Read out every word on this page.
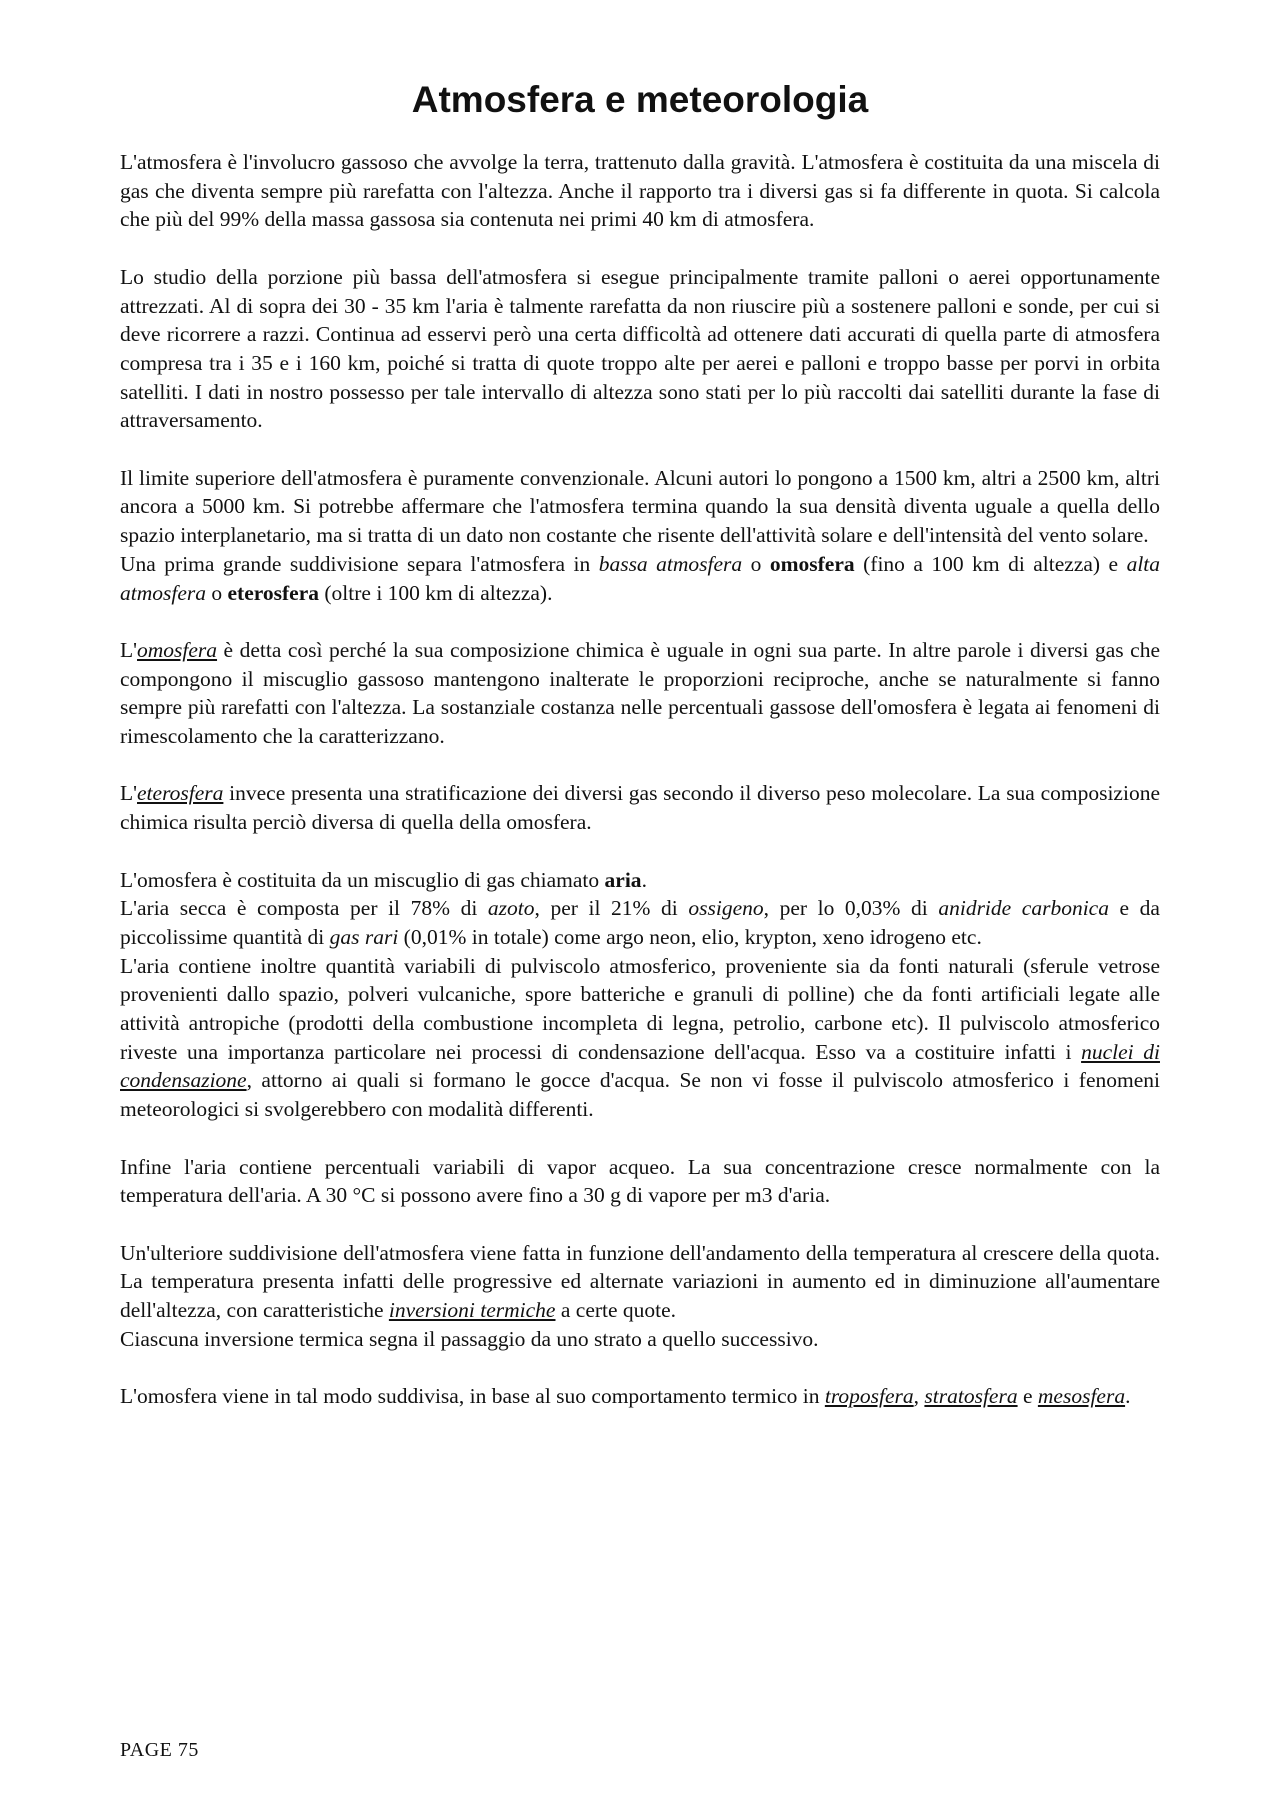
Atmosfera e meteorologia

L'atmosfera è l'involucro gassoso che avvolge la terra, trattenuto dalla gravità. L'atmosfera è costituita da una miscela di gas che diventa sempre più rarefatta con l'altezza. Anche il rapporto tra i diversi gas si fa differente in quota. Si calcola che più del 99% della massa gassosa sia contenuta nei primi 40 km di atmosfera.

Lo studio della porzione più bassa dell'atmosfera si esegue principalmente tramite palloni o aerei opportunamente attrezzati. Al di sopra dei 30 - 35 km l'aria è talmente rarefatta da non riuscire più a sostenere palloni e sonde, per cui si deve ricorrere a razzi. Continua ad esservi però una certa difficoltà ad ottenere dati accurati di quella parte di atmosfera compresa tra i 35 e i 160 km, poiché si tratta di quote troppo alte per aerei e palloni e troppo basse per porvi in orbita satelliti. I dati in nostro possesso per tale intervallo di altezza sono stati per lo più raccolti dai satelliti durante la fase di attraversamento.

Il limite superiore dell'atmosfera è puramente convenzionale. Alcuni autori lo pongono a 1500 km, altri a 2500 km, altri ancora a 5000 km. Si potrebbe affermare che l'atmosfera termina quando la sua densità diventa uguale a quella dello spazio interplanetario, ma si tratta di un dato non costante che risente dell'attività solare e dell'intensità del vento solare.

Una prima grande suddivisione separa l'atmosfera in bassa atmosfera o omosfera (fino a 100 km di altezza) e alta atmosfera o eterosfera (oltre i 100 km di altezza).

L'omosfera è detta così perché la sua composizione chimica è uguale in ogni sua parte. In altre parole i diversi gas che compongono il miscuglio gassoso mantengono inalterate le proporzioni reciproche, anche se naturalmente si fanno sempre più rarefatti con l'altezza. La sostanziale costanza nelle percentuali gassose dell'omosfera è legata ai fenomeni di rimescolamento che la caratterizzano.

L'eterosfera invece presenta una stratificazione dei diversi gas secondo il diverso peso molecolare. La sua composizione chimica risulta perciò diversa di quella della omosfera.

L'omosfera è costituita da un miscuglio di gas chiamato aria.

L'aria secca è composta per il 78% di azoto, per il 21% di ossigeno, per lo 0,03% di anidride carbonica e da piccolissime quantità di gas rari (0,01% in totale) come argo neon, elio, krypton, xeno idrogeno etc.

L'aria contiene inoltre quantità variabili di pulviscolo atmosferico, proveniente sia da fonti naturali (sferule vetrose provenienti dallo spazio, polveri vulcaniche, spore batteriche e granuli di polline) che da fonti artificiali legate alle attività antropiche (prodotti della combustione incompleta di legna, petrolio, carbone etc). Il pulviscolo atmosferico riveste una importanza particolare nei processi di condensazione dell'acqua. Esso va a costituire infatti i nuclei di condensazione, attorno ai quali si formano le gocce d'acqua. Se non vi fosse il pulviscolo atmosferico i fenomeni meteorologici si svolgerebbero con modalità differenti.

Infine l'aria contiene percentuali variabili di vapor acqueo. La sua concentrazione cresce normalmente con la temperatura dell'aria. A 30 °C si possono avere fino a 30 g di vapore per m3 d'aria.

Un'ulteriore suddivisione dell'atmosfera viene fatta in funzione dell'andamento della temperatura al crescere della quota. La temperatura presenta infatti delle progressive ed alternate variazioni in aumento ed in diminuzione all'aumentare dell'altezza, con caratteristiche inversioni termiche a certe quote.

Ciascuna inversione termica segna il passaggio da uno strato a quello successivo.

L'omosfera viene in tal modo suddivisa, in base al suo comportamento termico in troposfera, stratosfera e mesosfera.

PAGE 75
